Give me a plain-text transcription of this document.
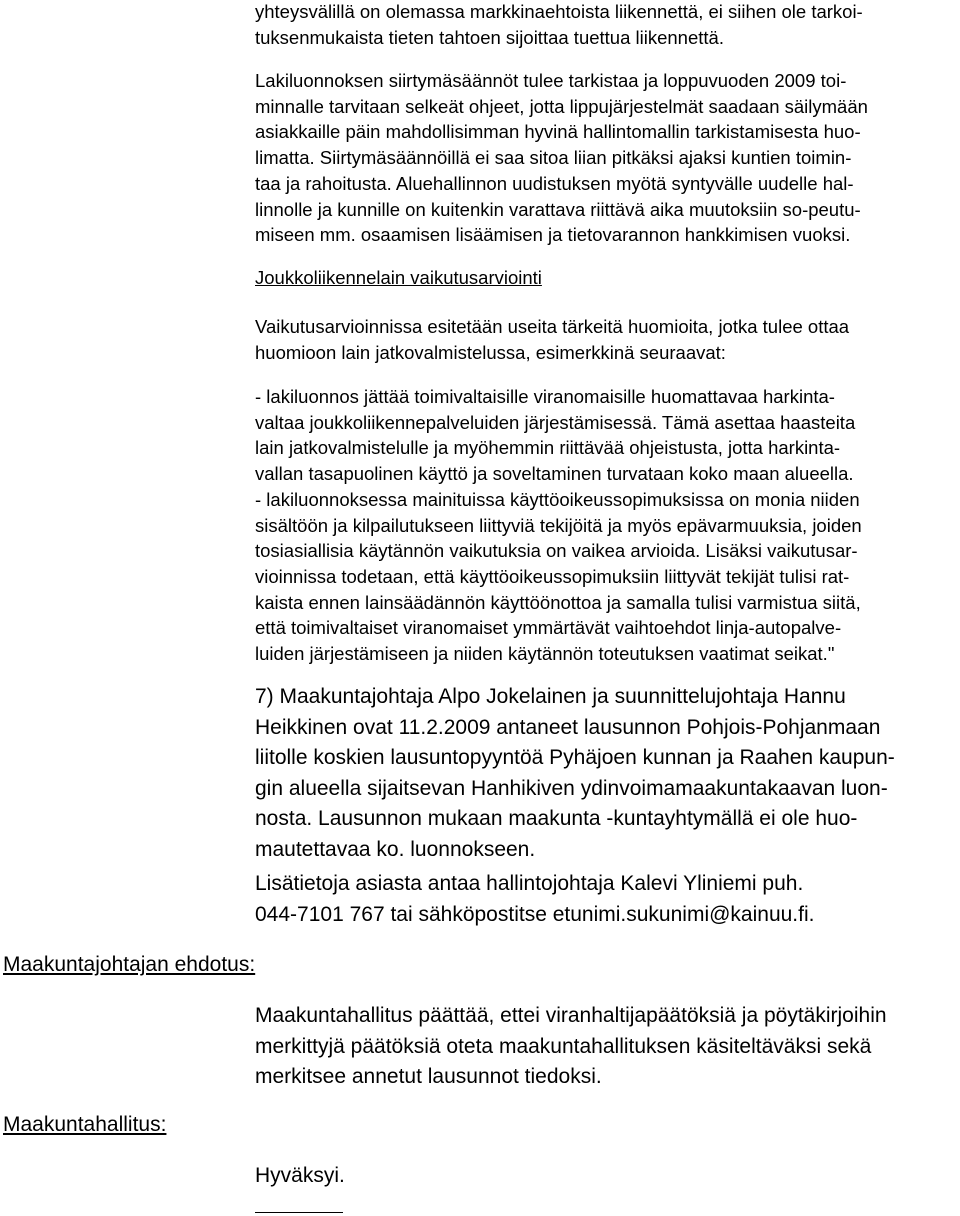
yhteysvälillä on olemassa markkinaehtoista liikennettä, ei siihen ole tarkoi-
tuksenmukaista tieten tahtoen sijoittaa tuettua liikennettä.

Lakiluonnoksen siirtymäsäännöt tulee tarkistaa ja loppuvuoden 2009 toi-
minnalle tarvitaan selkeät ohjeet, jotta lippujärjestelmät saadaan säilymään
asiakkaille päin mahdollisimman hyvinä hallintomallin tarkistamisesta huo-
limatta. Siirtymäsäännöillä ei saa sitoa liian pitkäksi ajaksi kuntien toimin-
taa ja rahoitusta. Aluehallinnon uudistuksen myötä syntyvälle uudelle hal-
linnolle ja kunnille on kuitenkin varattava riittävä aika muutoksiin so-peutu-
miseen mm. osaamisen lisäämisen ja tietovarannon hankkimisen vuoksi.

Joukkoliikennelain vaikutusarviointi

Vaikutusarvioinnissa esitetään useita tärkeitä huomioita, jotka tulee ottaa
huomioon lain jatkovalmistelussa, esimerkkinä seuraavat:

- lakiluonnos jättää toimivaltaisille viranomaisille huomattavaa harkinta-
valtaa joukkoliikennepalveluiden järjestämisessä. Tämä asettaa haasteita
lain jatkovalmistelulle ja myöhemmin riittävää ohjeistusta, jotta harkinta-
vallan tasapuolinen käyttö ja soveltaminen turvataan koko maan alueella.
- lakiluonnoksessa mainituissa käyttöoikeussopimuksissa on monia niiden
sisältöön ja kilpailutukseen liittyviä tekijöitä ja myös epävarmuuksia, joiden
tosiasiallisia käytännön vaikutuksia on vaikea arvioida. Lisäksi vaikutusar-
vioinnissa todetaan, että käyttöoikeussopimuksiin liittyvät tekijät tulisi rat-
kaista ennen lainsäädännön käyttöönottoa ja samalla tulisi varmistua siitä,
että toimivaltaiset viranomaiset ymmärtävät vaihtoehdot linja-autopalve-
luiden järjestämiseen ja niiden käytännön toteutuksen vaatimat seikat."

7) Maakuntajohtaja Alpo Jokelainen ja suunnittelujohtaja Hannu
Heikkinen ovat 11.2.2009 antaneet lausunnon Pohjois-Pohjanmaan
liitolle koskien lausuntopyyntöä Pyhäjoen kunnan ja Raahen kaupun-
gin alueella sijaitsevan Hanhikiven ydinvoimamaakuntakaavan luon-
nosta. Lausunnon mukaan maakunta -kuntayhtymällä ei ole huo-
mautettavaa ko. luonnokseen.

Lisätietoja asiasta antaa hallintojohtaja Kalevi Yliniemi puh.
044-7101 767 tai sähköpostitse etunimi.sukunimi@kainuu.fi.

Maakuntajohtajan ehdotus:

Maakuntahallitus päättää, ettei viranhaltijapäätöksiä ja pöytäkirjoihin
merkittyjä päätöksiä oteta maakuntahallituksen käsiteltäväksi sekä
merkitsee annetut lausunnot tiedoksi.

Maakuntahallitus:
Hyväksyi.
